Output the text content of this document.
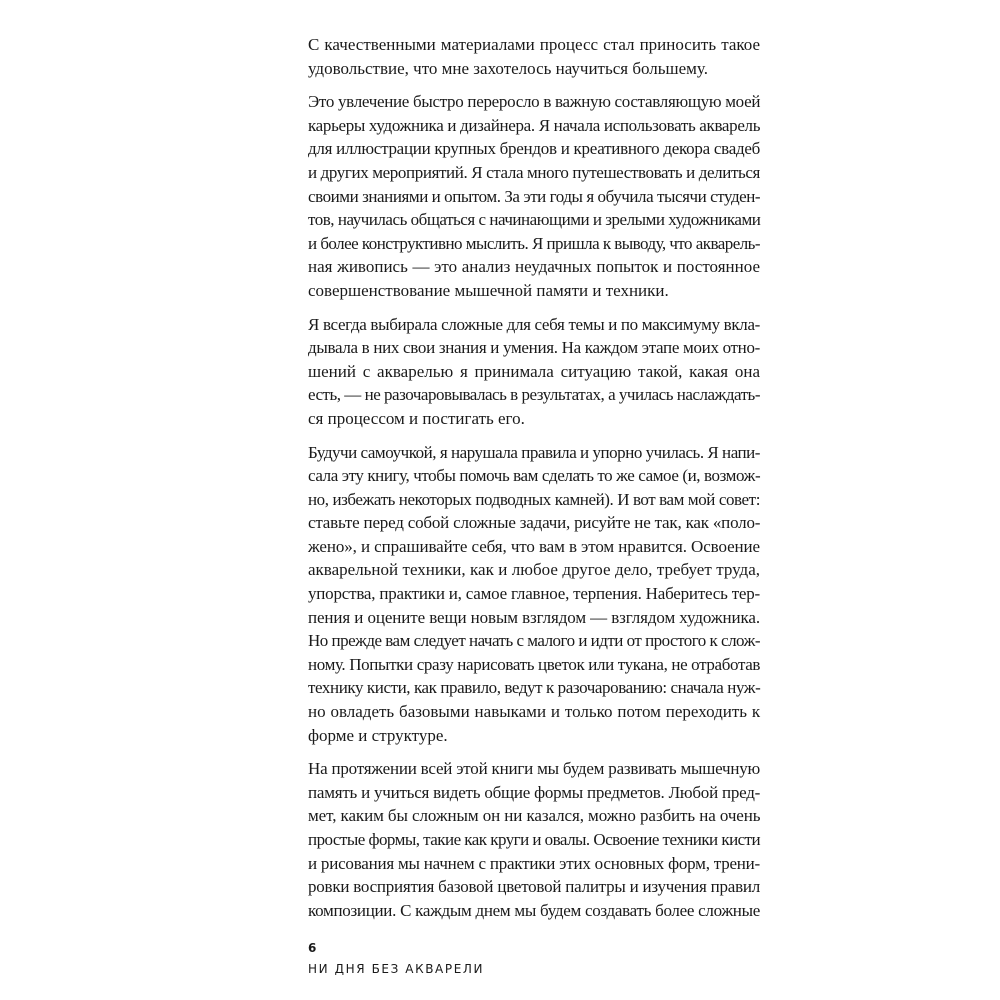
С качественными материалами процесс стал приносить такое
удовольствие, что мне захотелось научиться большему.

Это увлечение быстро переросло в важную составляющую моей
карьеры художника и дизайнера. Я начала использовать акварель
для иллюстрации крупных брендов и креативного декора свадеб
и других мероприятий. Я стала много путешествовать и делиться
своими знаниями и опытом. За эти годы я обучила тысячи студен-
тов, научилась общаться с начинающими и зрелыми художниками
и более конструктивно мыслить. Я пришла к выводу, что акварель-
ная живопись — это анализ неудачных попыток и постоянное
совершенствование мышечной памяти и техники.

Я всегда выбирала сложные для себя темы и по максимуму вкла-
дывала в них свои знания и умения. На каждом этапе моих отно-
шений с акварелью я принимала ситуацию такой, какая она
есть, — не разочаровывалась в результатах, а училась наслаждать-
ся процессом и постигать его.

Будучи самоучкой, я нарушала правила и упорно училась. Я напи-
сала эту книгу, чтобы помочь вам сделать то же самое (и, возмож-
но, избежать некоторых подводных камней). И вот вам мой совет:
ставьте перед собой сложные задачи, рисуйте не так, как «поло-
жено», и спрашивайте себя, что вам в этом нравится. Освоение
акварельной техники, как и любое другое дело, требует труда,
упорства, практики и, самое главное, терпения. Наберитесь тер-
пения и оцените вещи новым взглядом — взглядом художника.
Но прежде вам следует начать с малого и идти от простого к слож-
ному. Попытки сразу нарисовать цветок или тукана, не отработав
технику кисти, как правило, ведут к разочарованию: сначала нуж-
но овладеть базовыми навыками и только потом переходить к
форме и структуре.

На протяжении всей этой книги мы будем развивать мышечную
память и учиться видеть общие формы предметов. Любой пред-
мет, каким бы сложным он ни казался, можно разбить на очень
простые формы, такие как круги и овалы. Освоение техники кисти
и рисования мы начнем с практики этих основных форм, трени-
ровки восприятия базовой цветовой палитры и изучения правил
композиции. С каждым днем мы будем создавать более сложные

6
НИ ДНЯ БЕЗ АКВАРЕЛИ
